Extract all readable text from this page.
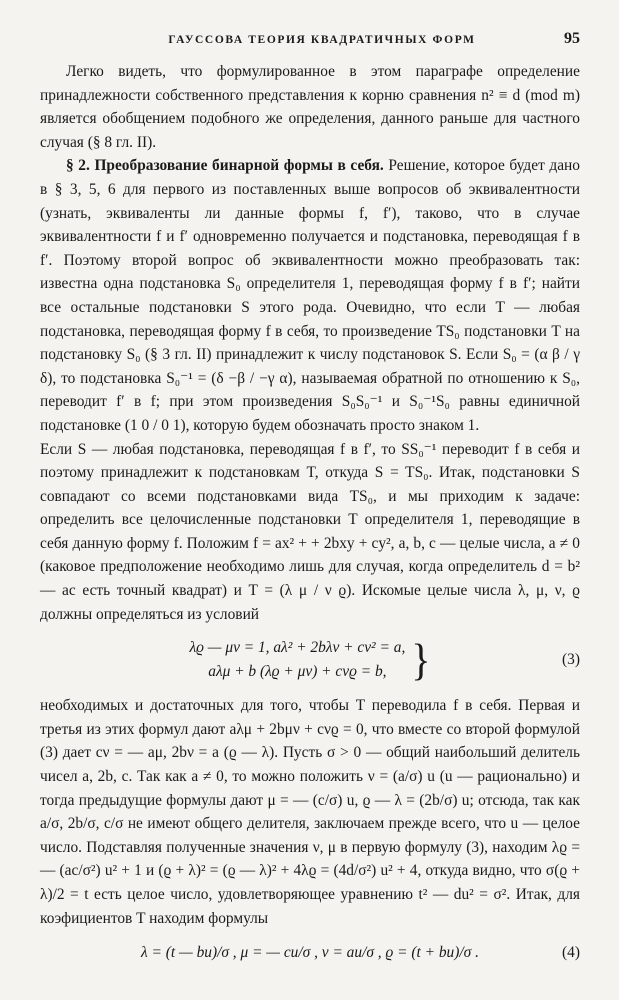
ГАУССОВА ТЕОРИЯ КВАДРАТИЧНЫХ ФОРМ	95

Легко видеть, что формулированное в этом параграфе определение принадлежности собственного представления к корню сравнения n² ≡ d (mod m) является обобщением подобного же определения, данного раньше для частного случая (§ 8 гл. II).

§ 2. Преобразование бинарной формы в себя. Решение, которое будет дано в § 3, 5, 6 для первого из поставленных выше вопросов об эквивалентности (узнать, эквиваленты ли данные формы f, f′), таково, что в случае эквивалентности f и f′ одновременно получается и подстановка, переводящая f в f′. Поэтому второй вопрос об эквивалентности можно преобразовать так: известна одна подстановка S₀ определителя 1, переводящая форму f в f′; найти все остальные подстановки S этого рода. Очевидно, что если T — любая подстановка, переводящая форму f в себя, то произведение TS₀ подстановки T на подстановку S₀ (§ 3 гл. II) принадлежит к числу подстановок S. Если S₀ = (α β / γ δ), то подстановка S₀⁻¹ = (δ −β / −γ α), называемая обратной по отношению к S₀, переводит f′ в f; при этом произведения S₀S₀⁻¹ и S₀⁻¹S₀ равны единичной подстановке (1 0 / 0 1), которую будем обозначать просто знаком 1.

Если S — любая подстановка, переводящая f в f′, то SS₀⁻¹ переводит f в себя и поэтому принадлежит к подстановкам T, откуда S = TS₀. Итак, подстановки S совпадают со всеми подстановками вида TS₀, и мы приходим к задаче: определить все целочисленные подстановки T определителя 1, переводящие в себя данную форму f. Положим f = ax² + + 2bxy + cy², a, b, c — целые числа, a ≠ 0 (каковое предположение необходимо лишь для случая, когда определитель d = b² — ac есть точный квадрат) и T = (λ μ / ν ϱ). Искомые целые числа λ, μ, ν, ϱ должны определяться из условий

λϱ — μν = 1, aλ² + 2bλν + cν² = a,
aλμ + b (λϱ + μν) + cνϱ = b, }	(3)

необходимых и достаточных для того, чтобы T переводила f в себя. Первая и третья из этих формул дают aλμ + 2bμν + cνϱ = 0, что вместе со второй формулой (3) дает cν = — aμ, 2bν = a (ϱ — λ). Пусть σ > 0 — общий наибольший делитель чисел a, 2b, c. Так как a ≠ 0, то можно положить ν = (a/σ) u (u — рационально) и тогда предыдущие формулы дают μ = — (c/σ) u, ϱ — λ = (2b/σ) u; отсюда, так как a/σ, 2b/σ, c/σ не имеют общего делителя, заключаем прежде всего, что u — целое число. Подставляя полученные значения ν, μ в первую формулу (3), находим λϱ = — (ac/σ²) u² + 1 и (ϱ + λ)² = (ϱ — λ)² + 4λϱ = (4d/σ²) u² + 4, откуда видно, что σ(ϱ + λ)/2 = t есть целое число, удовлетворяющее уравнению t² — du² = σ². Итак, для коэфициентов T находим формулы

λ = (t — bu)/σ , μ = — cu/σ , ν = au/σ , ϱ = (t + bu)/σ .	(4)
